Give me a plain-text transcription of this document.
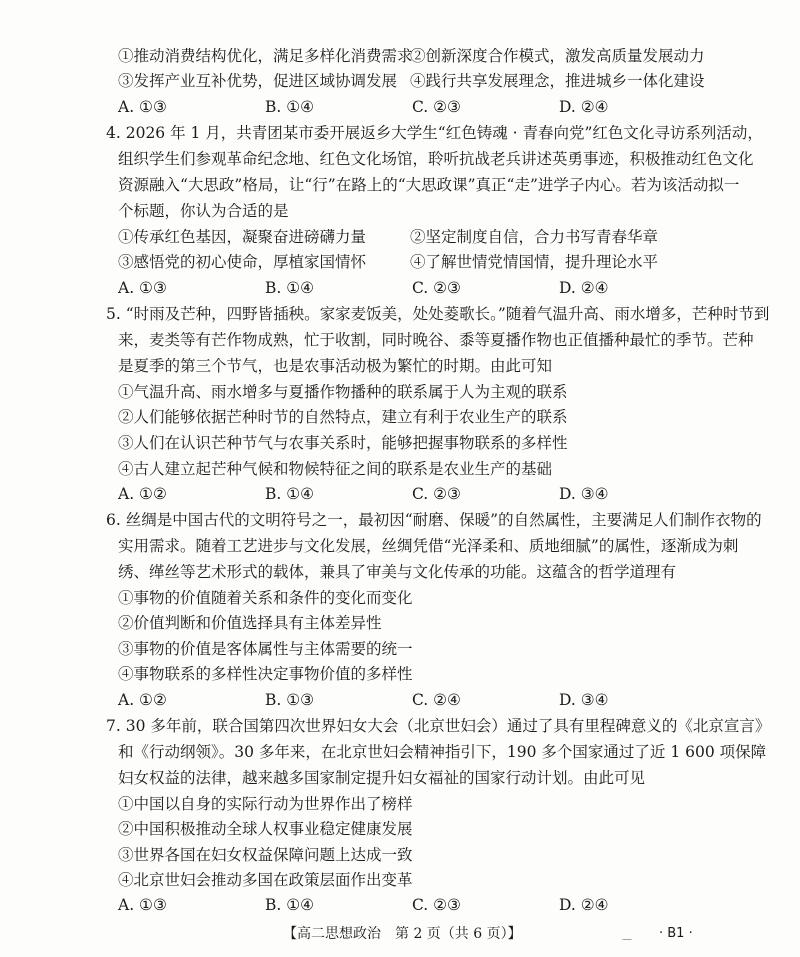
①推动消费结构优化，满足多样化消费需求
②创新深度合作模式，激发高质量发展动力
③发挥产业互补优势，促进区域协调发展 ④践行共享发展理念，推进城乡一体化建设
A. ①③	B. ①④	C. ②③	D. ②④
4. 2026 年 1 月，共青团某市委开展返乡大学生“红色铸魂 · 青春向党”红色文化寻访系列活动，
组织学生们参观革命纪念地、红色文化场馆，聆听抗战老兵讲述英勇事迹，积极推动红色文化
资源融入“大思政”格局，让“行”在路上的“大思政课”真正“走”进学子内心。若为该活动拟一
个标题，你认为合适的是
①传承红色基因，凝聚奋进磅礴力量	②坚定制度自信，合力书写青春华章
③感悟党的初心使命，厚植家国情怀	④了解世情党情国情，提升理论水平
A. ①③	B. ①④	C. ②③	D. ②④
5. “时雨及芒种，四野皆插秧。家家麦饭美，处处菱歌长。”随着气温升高、雨水增多，芒种时节到
来，麦类等有芒作物成熟，忙于收割，同时晚谷、黍等夏播作物也正值播种最忙的季节。芒种
是夏季的第三个节气，也是农事活动极为繁忙的时期。由此可知
①气温升高、雨水增多与夏播作物播种的联系属于人为主观的联系
②人们能够依据芒种时节的自然特点，建立有利于农业生产的联系
③人们在认识芒种节气与农事关系时，能够把握事物联系的多样性
④古人建立起芒种气候和物候特征之间的联系是农业生产的基础
A. ①②	B. ①④	C. ②③	D. ③④
6. 丝绸是中国古代的文明符号之一，最初因“耐磨、保暖”的自然属性，主要满足人们制作衣物的
实用需求。随着工艺进步与文化发展，丝绸凭借“光泽柔和、质地细腻”的属性，逐渐成为刺
绣、缂丝等艺术形式的载体，兼具了审美与文化传承的功能。这蕴含的哲学道理有
①事物的价值随着关系和条件的变化而变化
②价值判断和价值选择具有主体差异性
③事物的价值是客体属性与主体需要的统一
④事物联系的多样性决定事物价值的多样性
A. ①②	B. ①③	C. ②④	D. ③④
7. 30 多年前，联合国第四次世界妇女大会（北京世妇会）通过了具有里程碑意义的《北京宣言》
和《行动纲领》。30 多年来，在北京世妇会精神指引下，190 多个国家通过了近 1 600 项保障
妇女权益的法律，越来越多国家制定提升妇女福祉的国家行动计划。由此可见
①中国以自身的实际行动为世界作出了榜样
②中国积极推动全球人权事业稳定健康发展
③世界各国在妇女权益保障问题上达成一致
④北京世妇会推动多国在政策层面作出变革
A. ①③	B. ①④	C. ②③	D. ②④
【高二思想政治　第 2 页（共 6 页）】	— · B1 ·
